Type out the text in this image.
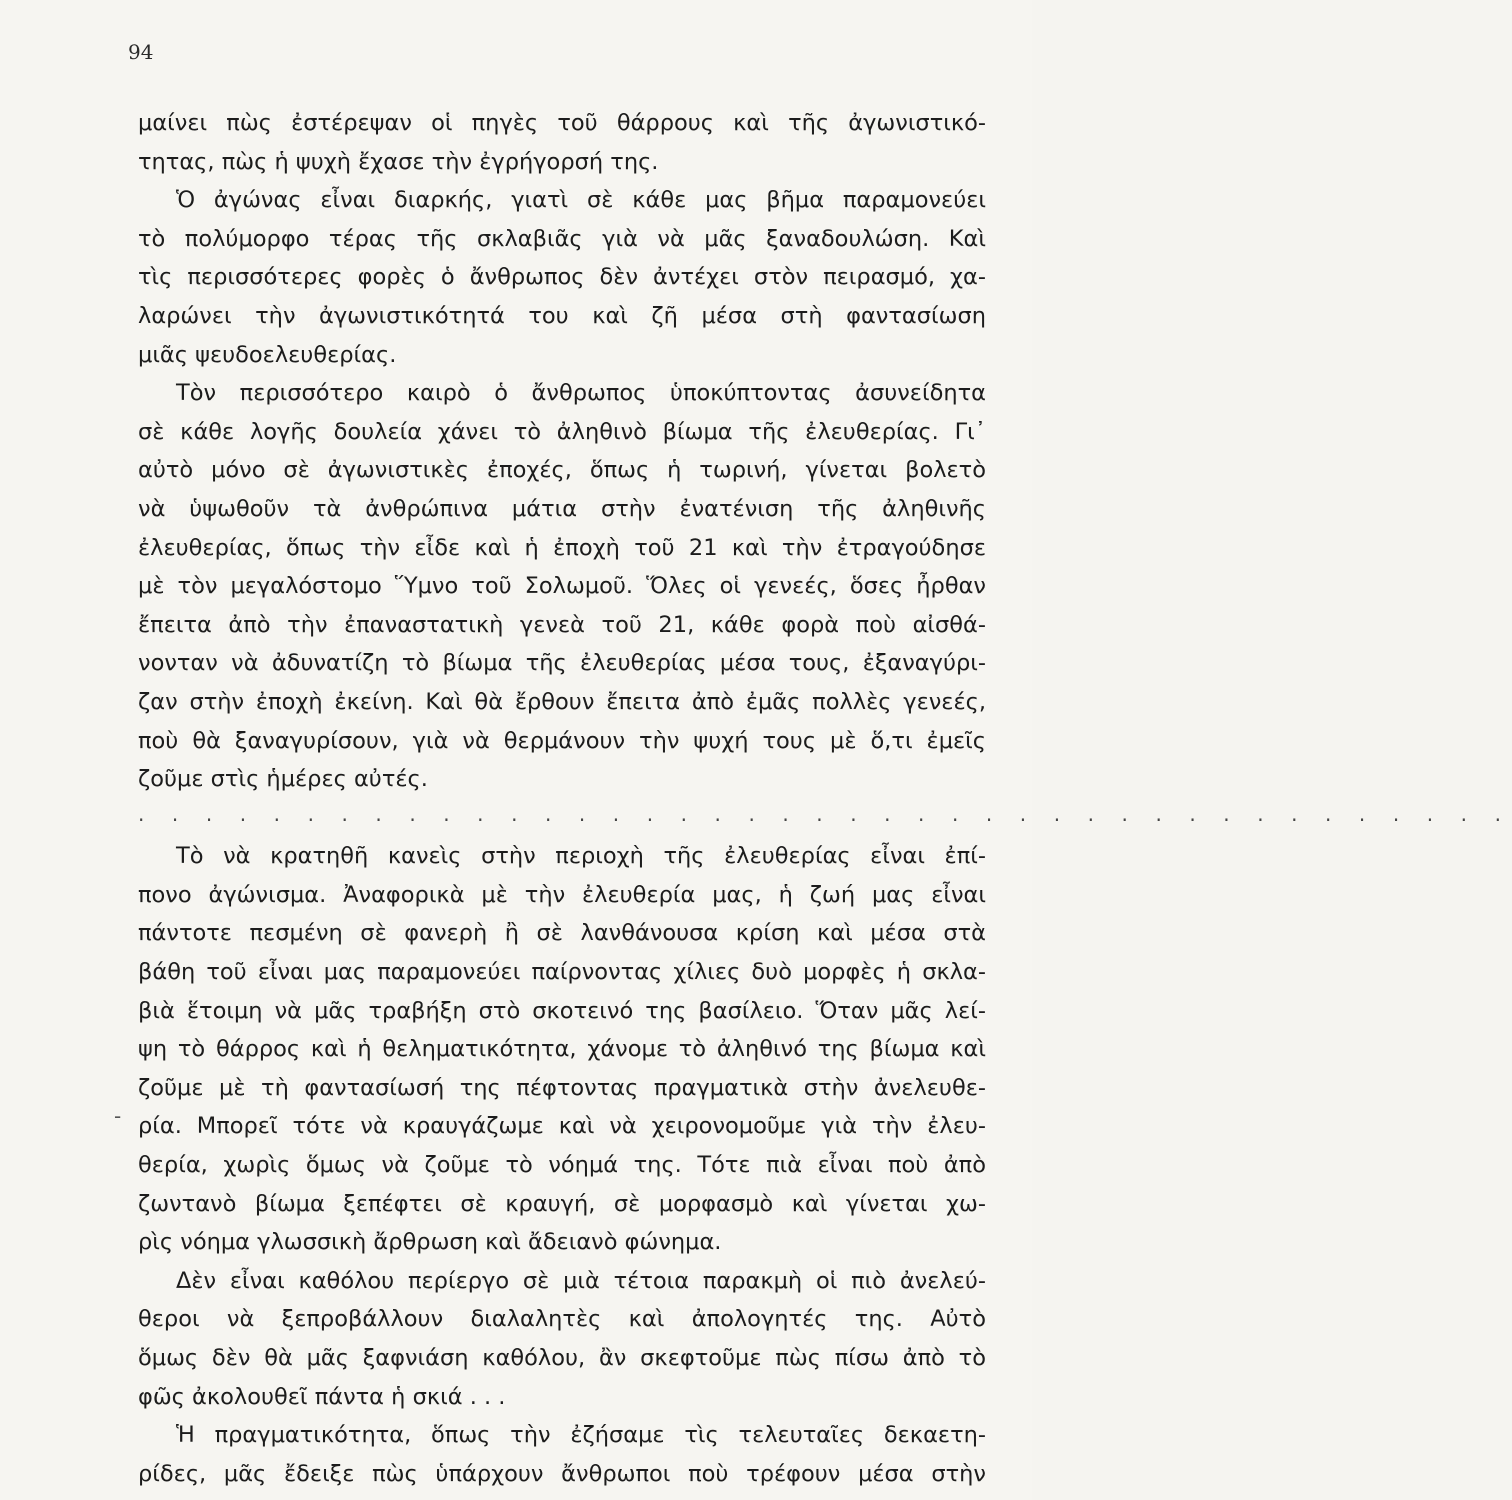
94
-
μαίνει πὼς ἐστέρεψαν οἱ πηγὲς τοῦ θάρρους καὶ τῆς ἀγωνιστικό-
τητας, πὼς ἡ ψυχὴ ἔχασε τὴν ἐγρήγορσή της.
Ὁ ἀγώνας εἶναι διαρκής, γιατὶ σὲ κάθε μας βῆμα παραμονεύει
τὸ πολύμορφο τέρας τῆς σκλαβιᾶς γιὰ νὰ μᾶς ξαναδουλώση. Καὶ
τὶς περισσότερες φορὲς ὁ ἄνθρωπος δὲν ἀντέχει στὸν πειρασμό, χα-
λαρώνει τὴν ἀγωνιστικότητά του καὶ ζῆ μέσα στὴ φαντασίωση
μιᾶς ψευδοελευθερίας.
Τὸν περισσότερο καιρὸ ὁ ἄνθρωπος ὑποκύπτοντας ἀσυνείδητα
σὲ κάθε λογῆς δουλεία χάνει τὸ ἀληθινὸ βίωμα τῆς ἐλευθερίας. Γι᾽
αὐτὸ μόνο σὲ ἀγωνιστικὲς ἐποχές, ὅπως ἡ τωρινή, γίνεται βολετὸ
νὰ ὑψωθοῦν τὰ ἀνθρώπινα μάτια στὴν ἐνατένιση τῆς ἀληθινῆς
ἐλευθερίας, ὅπως τὴν εἶδε καὶ ἡ ἐποχὴ τοῦ 21 καὶ τὴν ἐτραγούδησε
μὲ τὸν μεγαλόστομο Ὕμνο τοῦ Σολωμοῦ. Ὅλες οἱ γενεές, ὅσες ἦρθαν
ἔπειτα ἀπὸ τὴν ἐπαναστατικὴ γενεὰ τοῦ 21, κάθε φορὰ ποὺ αἰσθά-
νονταν νὰ ἀδυνατίζη τὸ βίωμα τῆς ἐλευθερίας μέσα τους, ἐξαναγύρι-
ζαν στὴν ἐποχὴ ἐκείνη. Καὶ θὰ ἔρθουν ἔπειτα ἀπὸ ἐμᾶς πολλὲς γενεές,
ποὺ θὰ ξαναγυρίσουν, γιὰ νὰ θερμάνουν τὴν ψυχή τους μὲ ὅ,τι ἐμεῖς
ζοῦμε στὶς ἡμέρες αὐτές.
. . . . . . . . . . . . . . . . . . . . . . . . . . . . . . . . . . . . . . . . .
Τὸ νὰ κρατηθῆ κανεὶς στὴν περιοχὴ τῆς ἐλευθερίας εἶναι ἐπί-
πονο ἀγώνισμα. Ἀναφορικὰ μὲ τὴν ἐλευθερία μας, ἡ ζωή μας εἶναι
πάντοτε πεσμένη σὲ φανερὴ ἢ σὲ λανθάνουσα κρίση καὶ μέσα στὰ
βάθη τοῦ εἶναι μας παραμονεύει παίρνοντας χίλιες δυὸ μορφὲς ἡ σκλα-
βιὰ ἕτοιμη νὰ μᾶς τραβήξη στὸ σκοτεινό της βασίλειο. Ὅταν μᾶς λεί-
ψη τὸ θάρρος καὶ ἡ θεληματικότητα, χάνομε τὸ ἀληθινό της βίωμα καὶ
ζοῦμε μὲ τὴ φαντασίωσή της πέφτοντας πραγματικὰ στὴν ἀνελευθε-
ρία. Μπορεῖ τότε νὰ κραυγάζωμε καὶ νὰ χειρονομοῦμε γιὰ τὴν ἐλευ-
θερία, χωρὶς ὅμως νὰ ζοῦμε τὸ νόημά της. Τότε πιὰ εἶναι ποὺ ἀπὸ
ζωντανὸ βίωμα ξεπέφτει σὲ κραυγή, σὲ μορφασμὸ καὶ γίνεται χω-
ρὶς νόημα γλωσσικὴ ἄρθρωση καὶ ἄδειανὸ φώνημα.
Δὲν εἶναι καθόλου περίεργο σὲ μιὰ τέτοια παρακμὴ οἱ πιὸ ἀνελεύ-
θεροι νὰ ξεπροβάλλουν διαλαλητὲς καὶ ἀπολογητές της. Αὐτὸ
ὅμως δὲν θὰ μᾶς ξαφνιάση καθόλου, ἂν σκεφτοῦμε πὼς πίσω ἀπὸ τὸ
φῶς ἀκολουθεῖ πάντα ἡ σκιά . . .
Ἡ πραγματικότητα, ὅπως τὴν ἐζήσαμε τὶς τελευταῖες δεκαετη-
ρίδες, μᾶς ἔδειξε πὼς ὑπάρχουν ἄνθρωποι ποὺ τρέφουν μέσα στὴν
